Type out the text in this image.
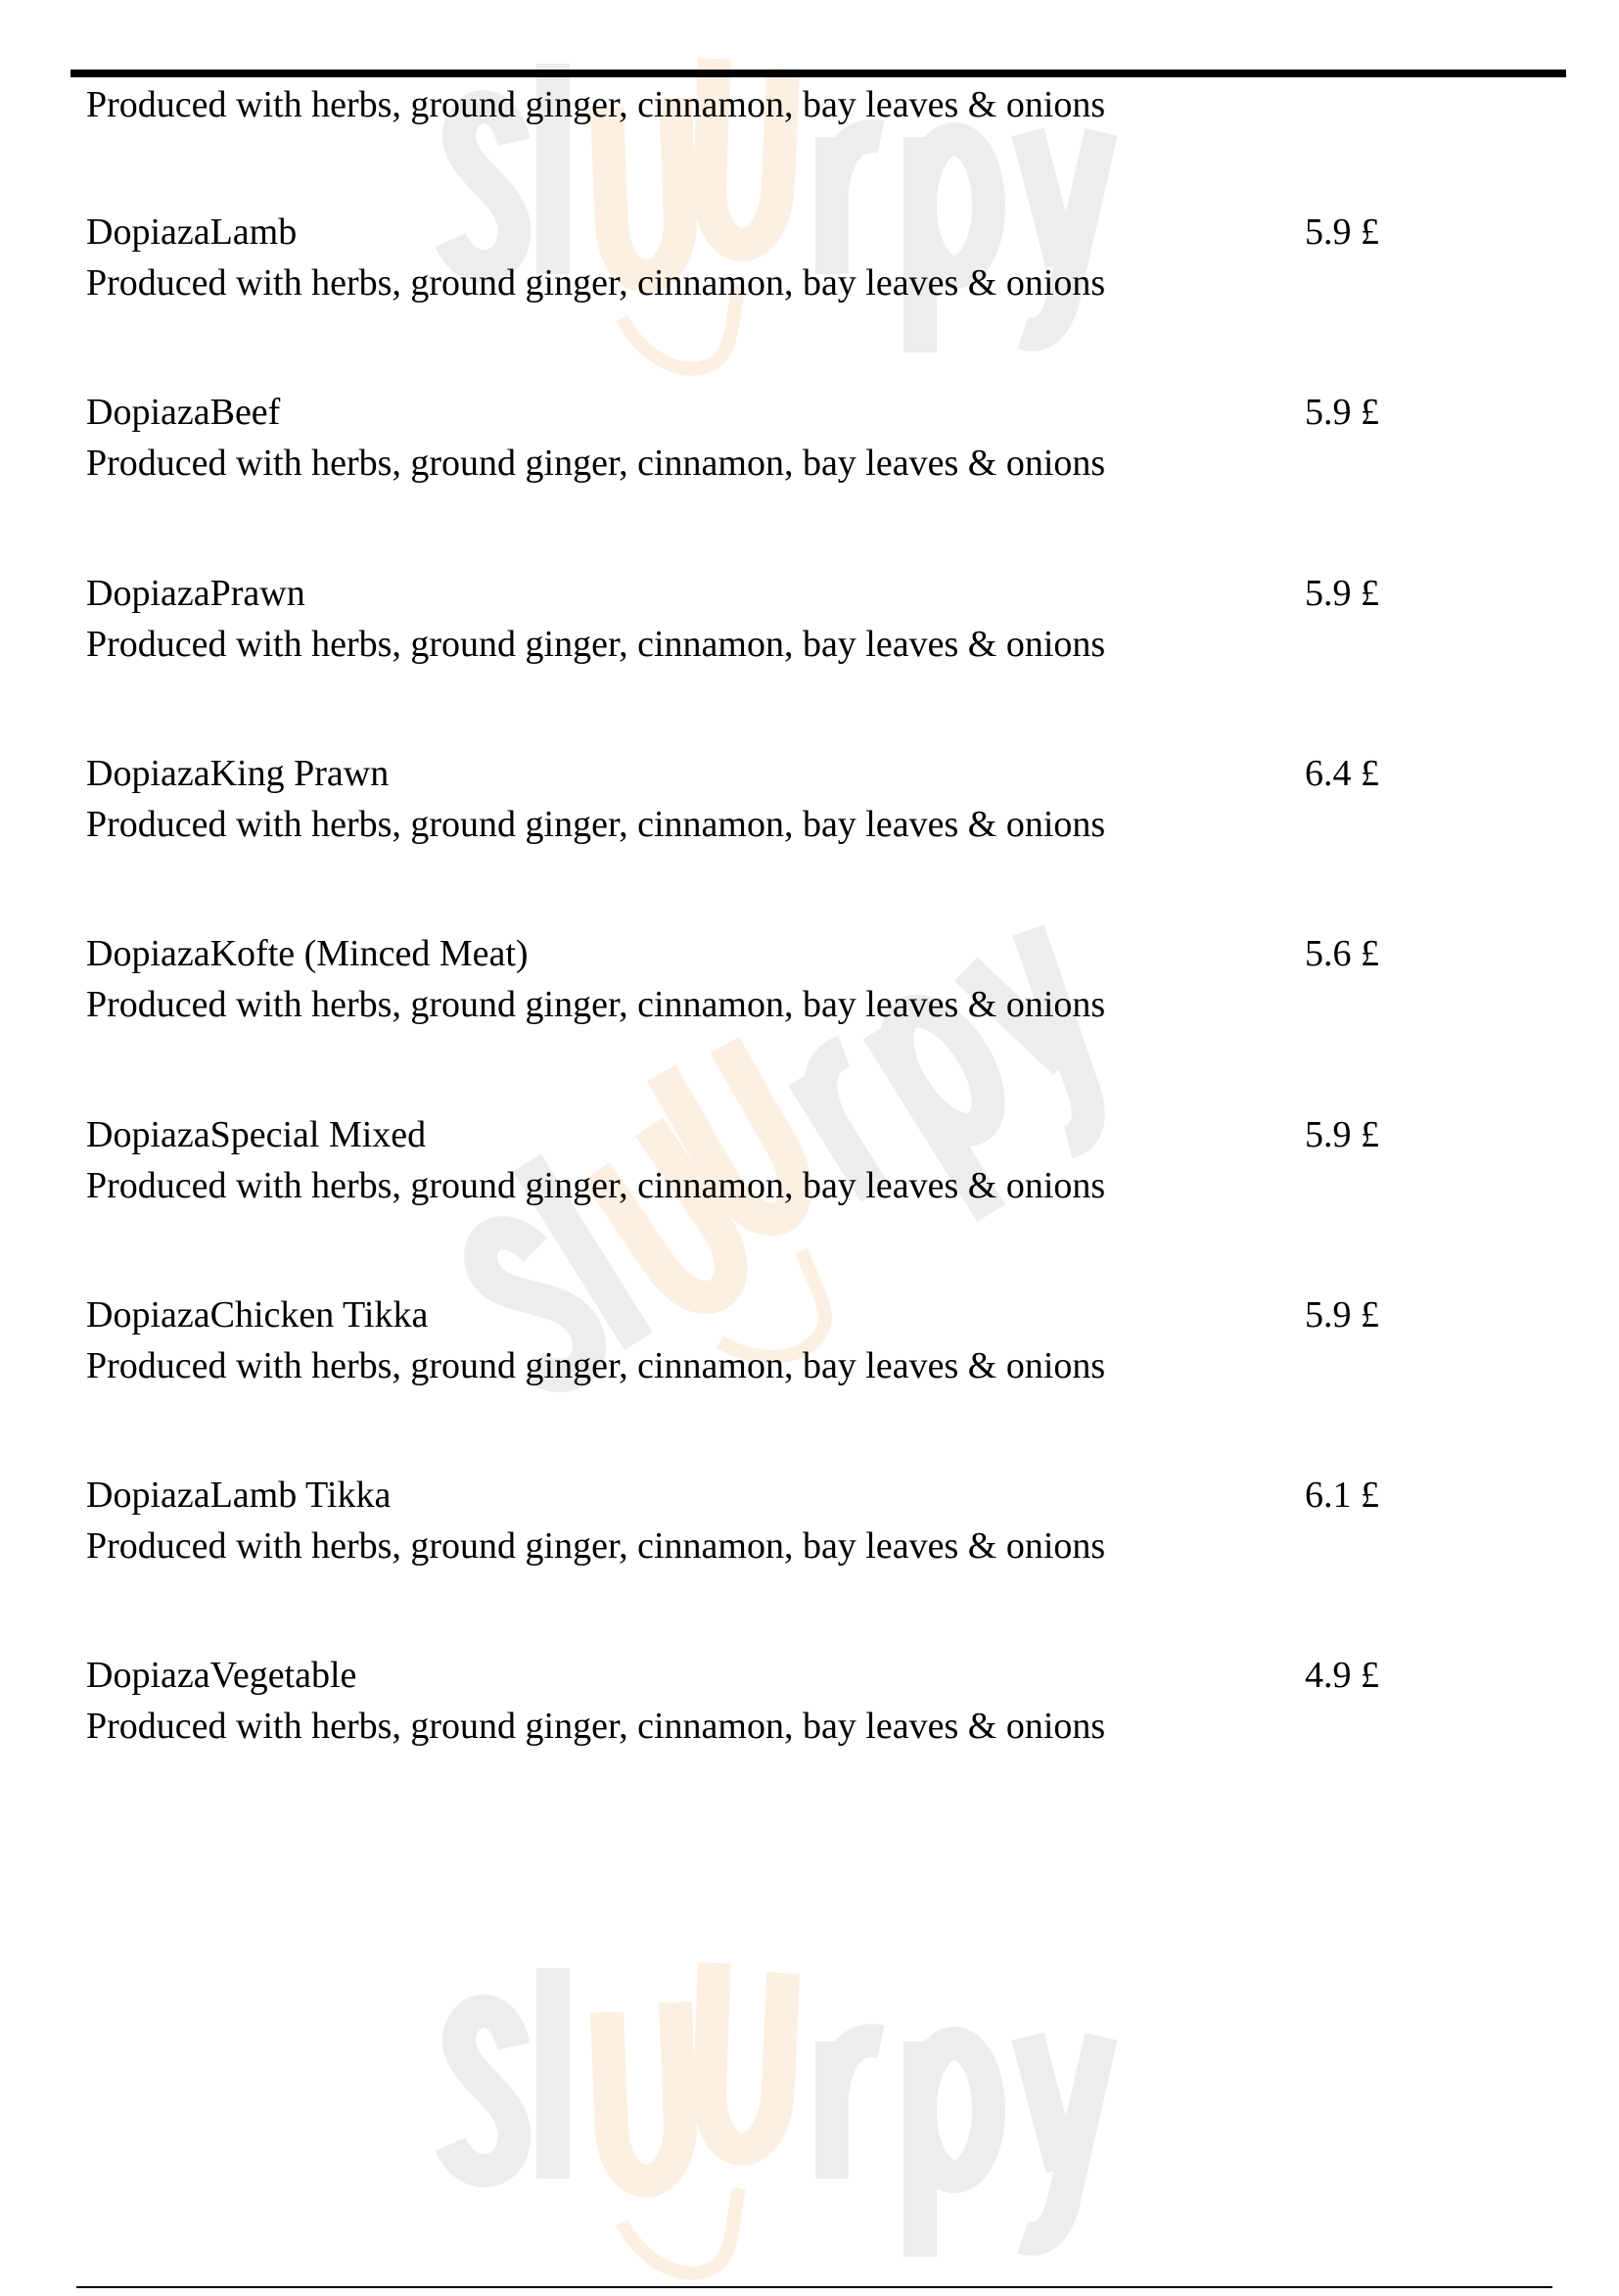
Produced with herbs, ground ginger, cinnamon, bay leaves & onions
DopiazaLamb	5.9 £
Produced with herbs, ground ginger, cinnamon, bay leaves & onions
DopiazaBeef	5.9 £
Produced with herbs, ground ginger, cinnamon, bay leaves & onions
DopiazaPrawn	5.9 £
Produced with herbs, ground ginger, cinnamon, bay leaves & onions
DopiazaKing Prawn	6.4 £
Produced with herbs, ground ginger, cinnamon, bay leaves & onions
DopiazaKofte (Minced Meat)	5.6 £
Produced with herbs, ground ginger, cinnamon, bay leaves & onions
DopiazaSpecial Mixed	5.9 £
Produced with herbs, ground ginger, cinnamon, bay leaves & onions
DopiazaChicken Tikka	5.9 £
Produced with herbs, ground ginger, cinnamon, bay leaves & onions
DopiazaLamb Tikka	6.1 £
Produced with herbs, ground ginger, cinnamon, bay leaves & onions
DopiazaVegetable	4.9 £
Produced with herbs, ground ginger, cinnamon, bay leaves & onions
